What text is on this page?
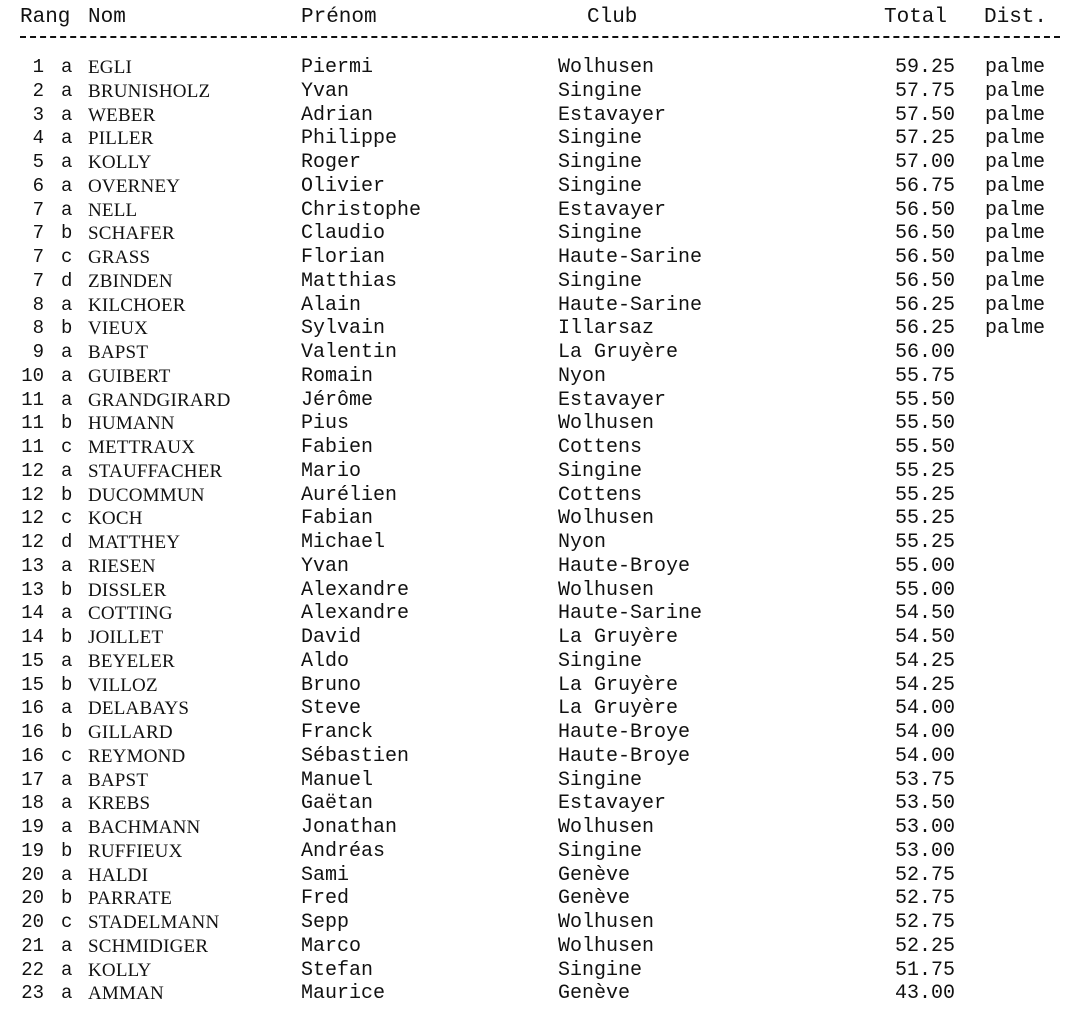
Rang Nom	Prénom	Club	Total Dist.
1 a EGLI	Piermi	Wolhusen	59.25 palme
2 a BRUNISHOLZ	Yvan	Singine	57.75 palme
3 a WEBER	Adrian	Estavayer	57.50 palme
4 a PILLER	Philippe	Singine	57.25 palme
5 a KOLLY	Roger	Singine	57.00 palme
6 a OVERNEY	Olivier	Singine	56.75 palme
7 a NELL	Christophe	Estavayer	56.50 palme
7 b SCHAFER	Claudio	Singine	56.50 palme
7 c GRASS	Florian	Haute-Sarine	56.50 palme
7 d ZBINDEN	Matthias	Singine	56.50 palme
8 a KILCHOER	Alain	Haute-Sarine	56.25 palme
8 b VIEUX	Sylvain	Illarsaz	56.25 palme
9 a BAPST	Valentin	La Gruyère	56.00
10 a GUIBERT	Romain	Nyon	55.75
11 a GRANDGIRARD	Jérôme	Estavayer	55.50
11 b HUMANN	Pius	Wolhusen	55.50
11 c METTRAUX	Fabien	Cottens	55.50
12 a STAUFFACHER	Mario	Singine	55.25
12 b DUCOMMUN	Aurélien	Cottens	55.25
12 c KOCH	Fabian	Wolhusen	55.25
12 d MATTHEY	Michael	Nyon	55.25
13 a RIESEN	Yvan	Haute-Broye	55.00
13 b DISSLER	Alexandre	Wolhusen	55.00
14 a COTTING	Alexandre	Haute-Sarine	54.50
14 b JOILLET	David	La Gruyère	54.50
15 a BEYELER	Aldo	Singine	54.25
15 b VILLOZ	Bruno	La Gruyère	54.25
16 a DELABAYS	Steve	La Gruyère	54.00
16 b GILLARD	Franck	Haute-Broye	54.00
16 c REYMOND	Sébastien	Haute-Broye	54.00
17 a BAPST	Manuel	Singine	53.75
18 a KREBS	Gaëtan	Estavayer	53.50
19 a BACHMANN	Jonathan	Wolhusen	53.00
19 b RUFFIEUX	Andréas	Singine	53.00
20 a HALDI	Sami	Genève	52.75
20 b PARRATE	Fred	Genève	52.75
20 c STADELMANN	Sepp	Wolhusen	52.75
21 a SCHMIDIGER	Marco	Wolhusen	52.25
22 a KOLLY	Stefan	Singine	51.75
23 a AMMAN	Maurice	Genève	43.00
